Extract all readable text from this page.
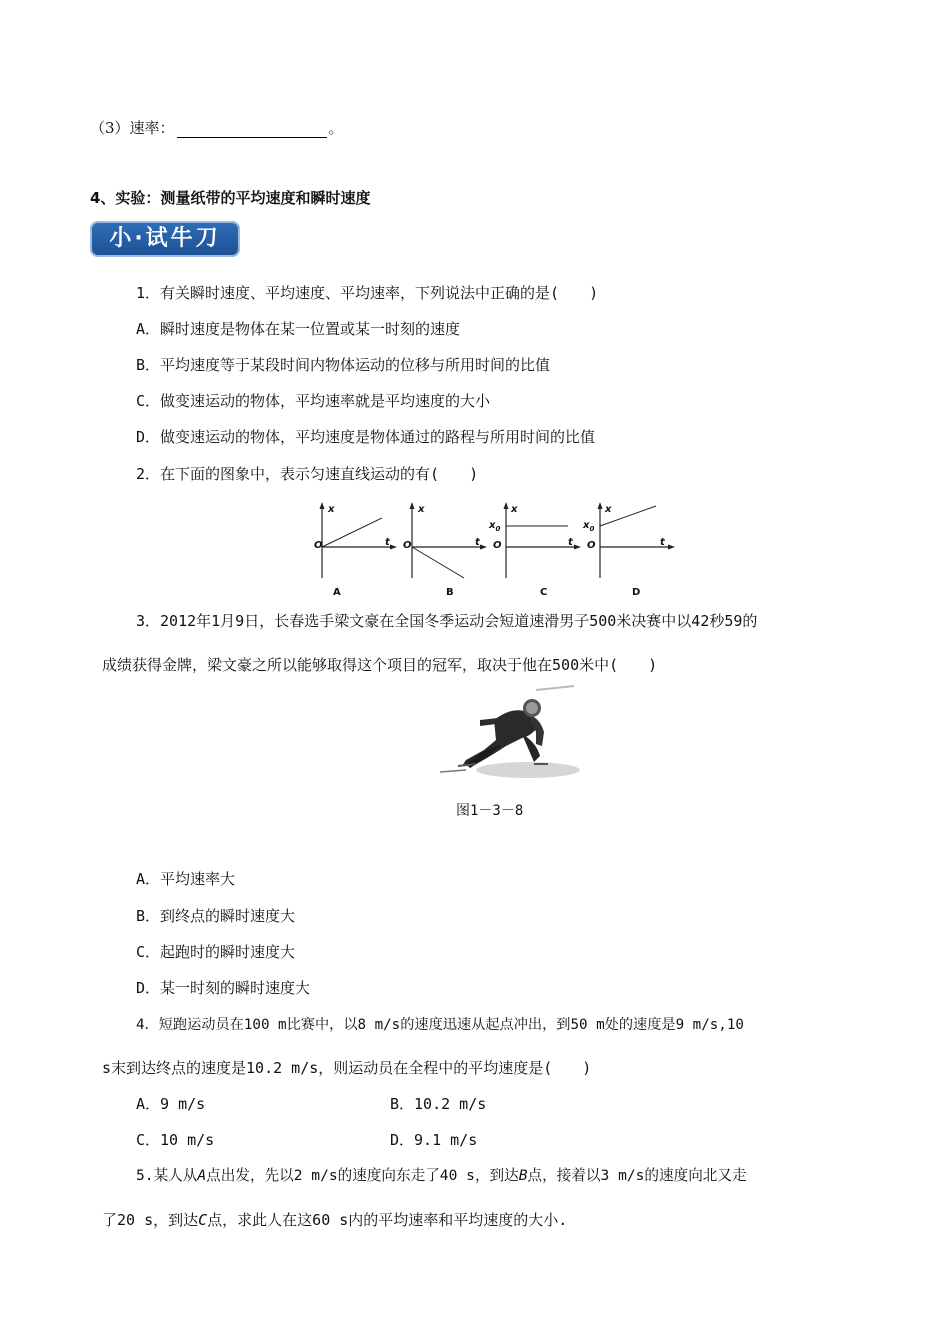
（3）速率：	。
4、实验：测量纸带的平均速度和瞬时速度
小·试牛刀
1．有关瞬时速度、平均速度、平均速率，下列说法中正确的是(　　)
A．瞬时速度是物体在某一位置或某一时刻的速度
B．平均速度等于某段时间内物体运动的位移与所用时间的比值
C．做变速运动的物体，平均速率就是平均速度的大小
D．做变速运动的物体，平均速度是物体通过的路程与所用时间的比值
2．在下面的图象中，表示匀速直线运动的有(　　)
x
O	t
A
x
O	t
B
x
$x_0$
O	t
C
x
$x_0$
O	t
D
3．2012年1月9日，长春选手梁文豪在全国冬季运动会短道速滑男子500米决赛中以42秒59的
成绩获得金牌，梁文豪之所以能够取得这个项目的冠军，取决于他在500米中(　　)
图1－3－8
A．平均速率大
B．到终点的瞬时速度大
C．起跑时的瞬时速度大
D．某一时刻的瞬时速度大
4．短跑运动员在100 m比赛中，以8 m/s的速度迅速从起点冲出，到50 m处的速度是9 m/s,10
s末到达终点的速度是10.2 m/s，则运动员在全程中的平均速度是(　　)
A．9 m/s	B．10.2 m/s
C．10 m/s	D．9.1 m/s
5.某人从A点出发，先以2 m/s的速度向东走了40 s，到达B点，接着以3 m/s的速度向北又走
了20 s，到达C点，求此人在这60 s内的平均速率和平均速度的大小.
